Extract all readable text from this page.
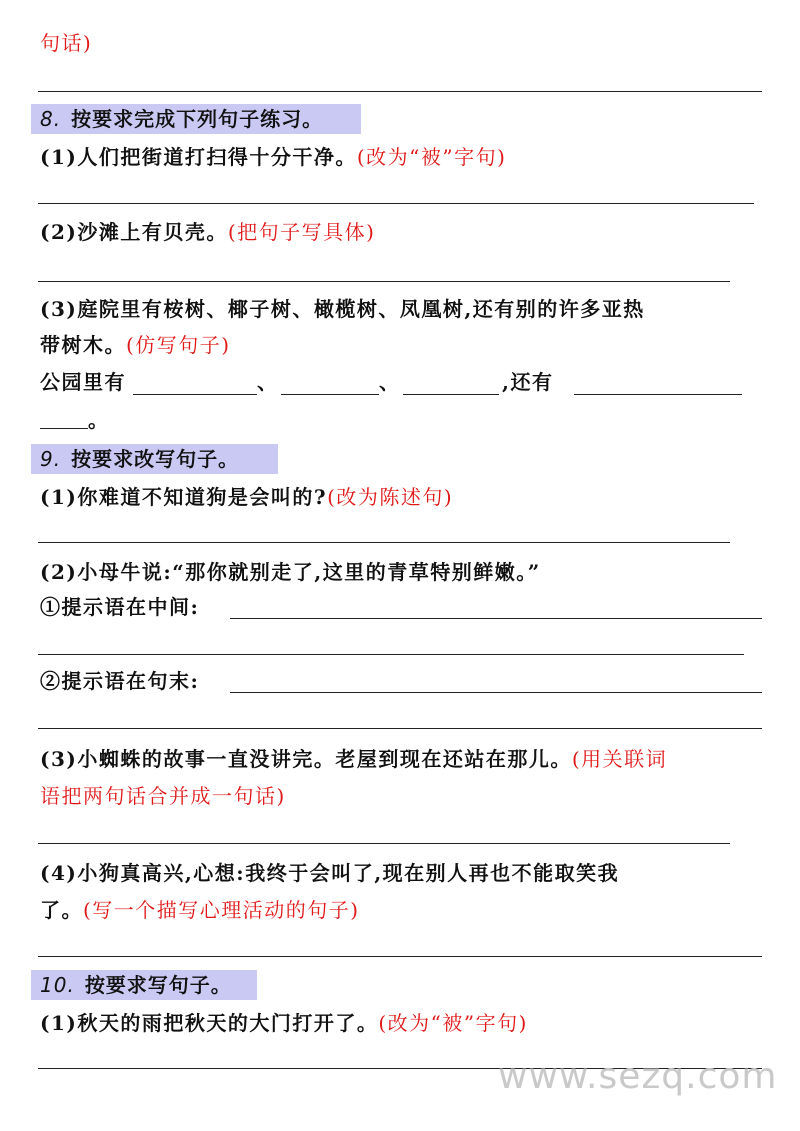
句话)
8. 按要求完成下列句子练习。
(1)人们把街道打扫得十分干净。(改为“被”字句)
(2)沙滩上有贝壳。(把句子写具体)
(3)庭院里有桉树、椰子树、橄榄树、凤凰树,还有别的许多亚热
带树木。(仿写句子)
公园里有	、	、	,还有
。
9. 按要求改写句子。
(1)你难道不知道狗是会叫的?(改为陈述句)
(2)小母牛说:“那你就别走了,这里的青草特别鲜嫩。”
①提示语在中间:
②提示语在句末:
(3)小蜘蛛的故事一直没讲完。老屋到现在还站在那儿。(用关联词
语把两句话合并成一句话)
(4)小狗真高兴,心想:我终于会叫了,现在别人再也不能取笑我
了。(写一个描写心理活动的句子)
10. 按要求写句子。
(1)秋天的雨把秋天的大门打开了。(改为“被”字句)
www.sezq.com
